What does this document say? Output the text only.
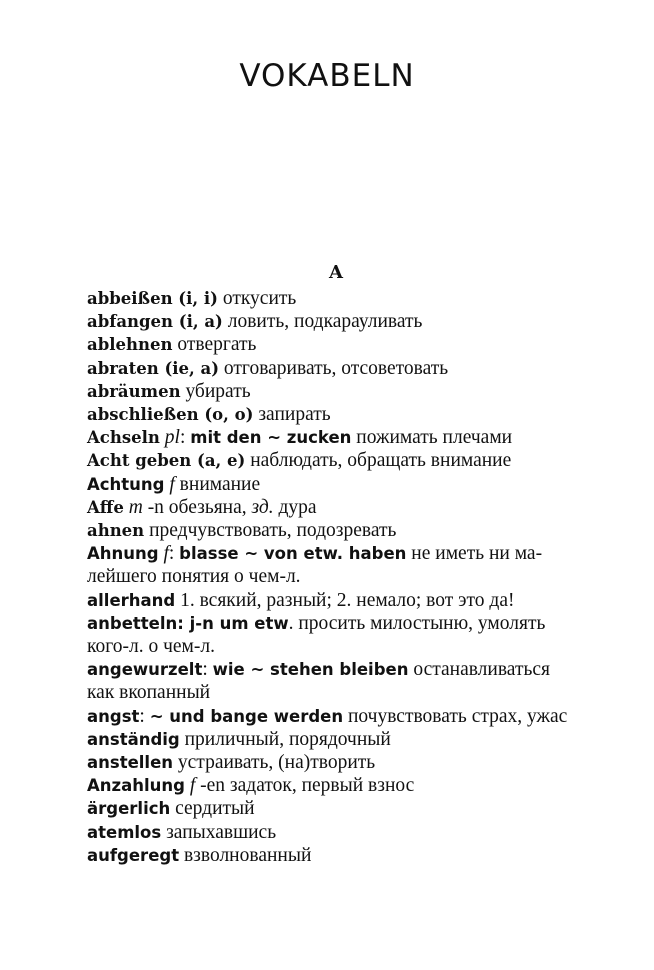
VOKABELN
A
abbeißen (i, i) откусить
abfangen (i, a) ловить, подкарауливать
ablehnen отвергать
abraten (ie, a) отговаривать, отсоветовать
abräumen убирать
abschließen (o, o) запирать
Achseln pl: mit den ~ zucken пожимать плечами
Acht geben (a, e) наблюдать, обращать внимание
Achtung f внимание
Affe m -n обезьяна, зд. дура
ahnen предчувствовать, подозревать
Ahnung f: blasse ~ von etw. haben не иметь ни ма-
лейшего понятия о чем-л.
allerhand 1. всякий, разный; 2. немало; вот это да!
anbetteln: j-n um etw. просить милостыню, умолять
кого-л. о чем-л.
angewurzelt: wie ~ stehen bleiben останавливаться
как вкопанный
angst: ~ und bange werden почувствовать страх, ужас
anständig приличный, порядочный
anstellen устраивать, (на)творить
Anzahlung f -en задаток, первый взнос
ärgerlich сердитый
atemlos запыхавшись
aufgeregt взволнованный
